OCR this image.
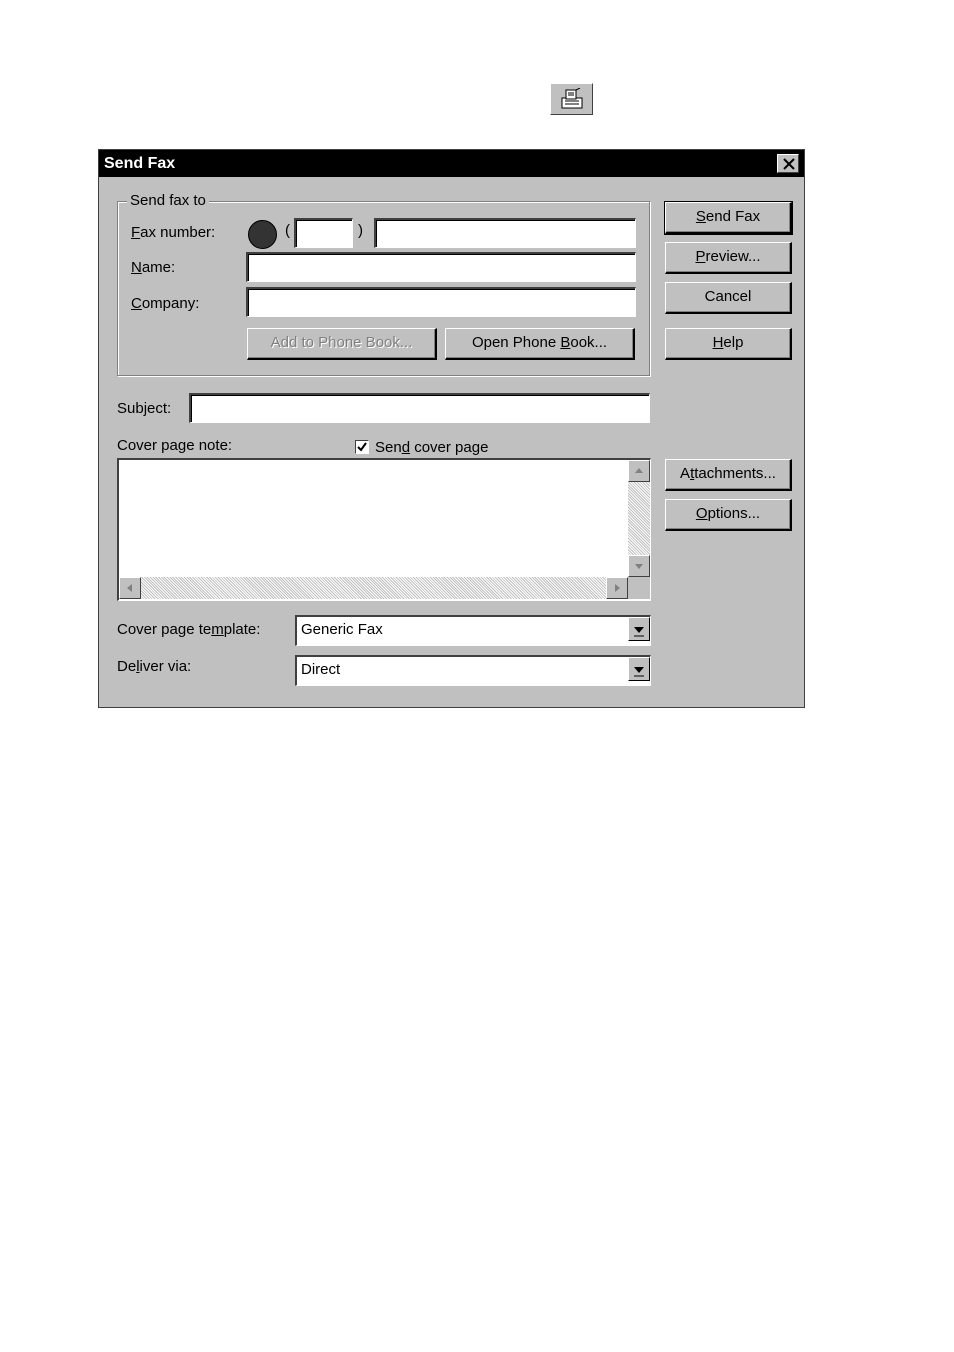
Send Fax
Send fax to
Fax number:	(	)
Name:
Company:
Add to Phone Book...	Open Phone Book...
Send Fax
Preview...
Cancel
Help
Subject:
Cover page note:	Send cover page
Attachments...
Options...
Cover page template:	Generic Fax
Deliver via:	Direct
